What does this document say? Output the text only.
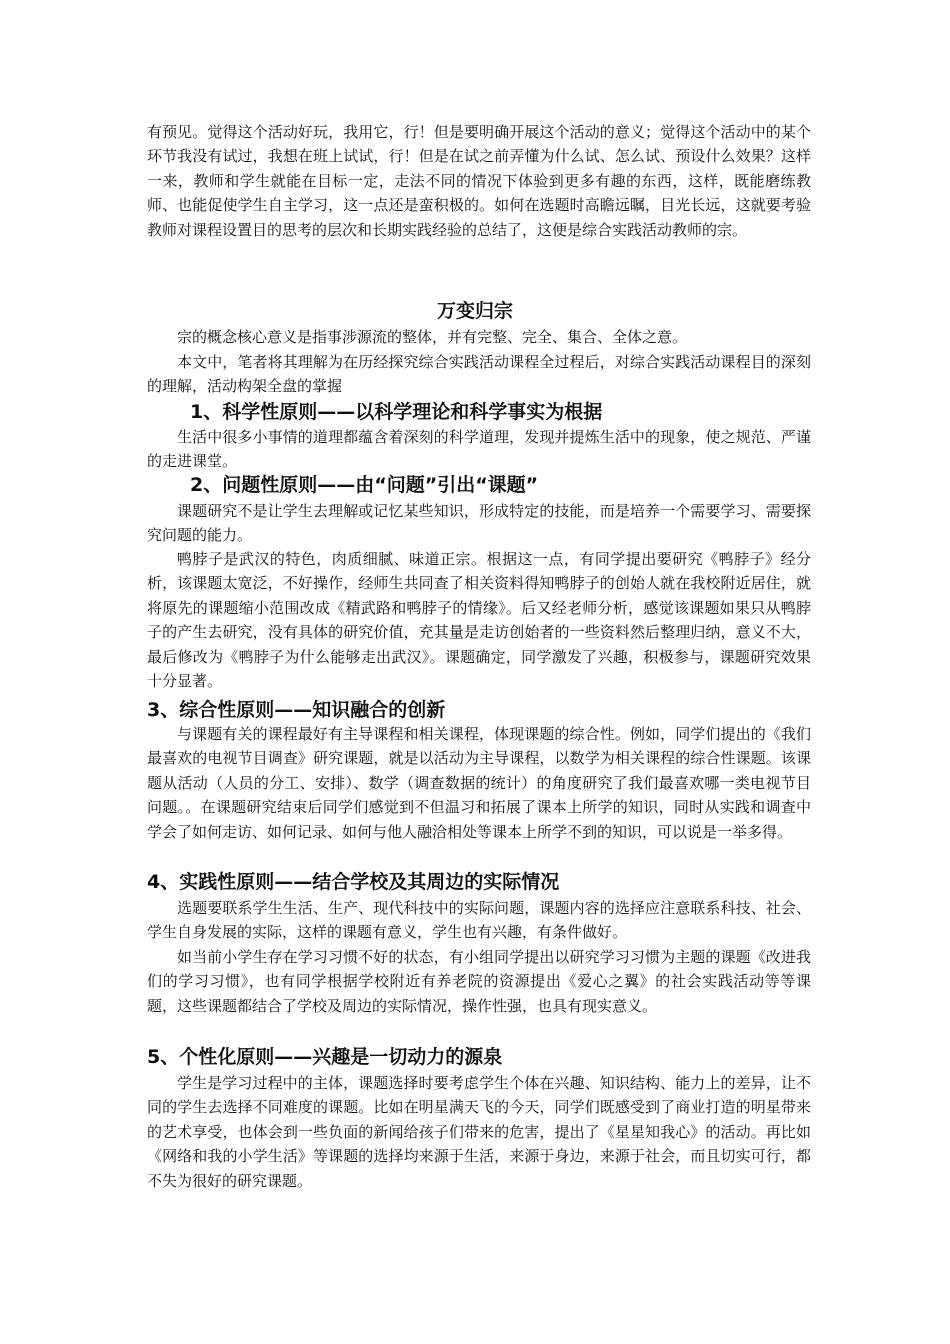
有预见。觉得这个活动好玩，我用它，行！但是要明确开展这个活动的意义；觉得这个活动中的某个环节我没有试过，我想在班上试试，行！但是在试之前弄懂为什么试、怎么试、预设什么效果？这样一来，教师和学生就能在目标一定，走法不同的情况下体验到更多有趣的东西，这样，既能磨练教师、也能促使学生自主学习，这一点还是蛮积极的。如何在选题时高瞻远瞩，目光长远，这就要考验教师对课程设置目的思考的层次和长期实践经验的总结了，这便是综合实践活动教师的宗。

万变归宗

宗的概念核心意义是指事涉源流的整体，并有完整、完全、集合、全体之意。

本文中，笔者将其理解为在历经探究综合实践活动课程全过程后，对综合实践活动课程目的深刻的理解，活动构架全盘的掌握

1、科学性原则——以科学理论和科学事实为根据

生活中很多小事情的道理都蕴含着深刻的科学道理，发现并提炼生活中的现象，使之规范、严谨的走进课堂。

2、问题性原则——由“问题”引出“课题”

课题研究不是让学生去理解或记忆某些知识，形成特定的技能，而是培养一个需要学习、需要探究问题的能力。

鸭脖子是武汉的特色，肉质细腻、味道正宗。根据这一点，有同学提出要研究《鸭脖子》经分析，该课题太宽泛，不好操作，经师生共同查了相关资料得知鸭脖子的创始人就在我校附近居住，就将原先的课题缩小范围改成《精武路和鸭脖子的情缘》。后又经老师分析，感觉该课题如果只从鸭脖子的产生去研究，没有具体的研究价值，充其量是走访创始者的一些资料然后整理归纳，意义不大，最后修改为《鸭脖子为什么能够走出武汉》。课题确定，同学激发了兴趣，积极参与，课题研究效果十分显著。

3、综合性原则——知识融合的创新

与课题有关的课程最好有主导课程和相关课程，体现课题的综合性。例如，同学们提出的《我们最喜欢的电视节目调查》研究课题，就是以活动为主导课程，以数学为相关课程的综合性课题。该课题从活动（人员的分工、安排）、数学（调查数据的统计）的角度研究了我们最喜欢哪一类电视节目问题。。在课题研究结束后同学们感觉到不但温习和拓展了课本上所学的知识，同时从实践和调查中学会了如何走访、如何记录、如何与他人融洽相处等课本上所学不到的知识，可以说是一举多得。

4、实践性原则——结合学校及其周边的实际情况

选题要联系学生生活、生产、现代科技中的实际问题，课题内容的选择应注意联系科技、社会、学生自身发展的实际，这样的课题有意义，学生也有兴趣，有条件做好。

如当前小学生存在学习习惯不好的状态，有小组同学提出以研究学习习惯为主题的课题《改进我们的学习习惯》，也有同学根据学校附近有养老院的资源提出《爱心之翼》的社会实践活动等等课题，这些课题都结合了学校及周边的实际情况，操作性强，也具有现实意义。

5、个性化原则——兴趣是一切动力的源泉

学生是学习过程中的主体，课题选择时要考虑学生个体在兴趣、知识结构、能力上的差异，让不同的学生去选择不同难度的课题。比如在明星满天飞的今天，同学们既感受到了商业打造的明星带来的艺术享受，也体会到一些负面的新闻给孩子们带来的危害，提出了《星星知我心》的活动。再比如《网络和我的小学生活》等课题的选择均来源于生活，来源于身边，来源于社会，而且切实可行，都不失为很好的研究课题。
